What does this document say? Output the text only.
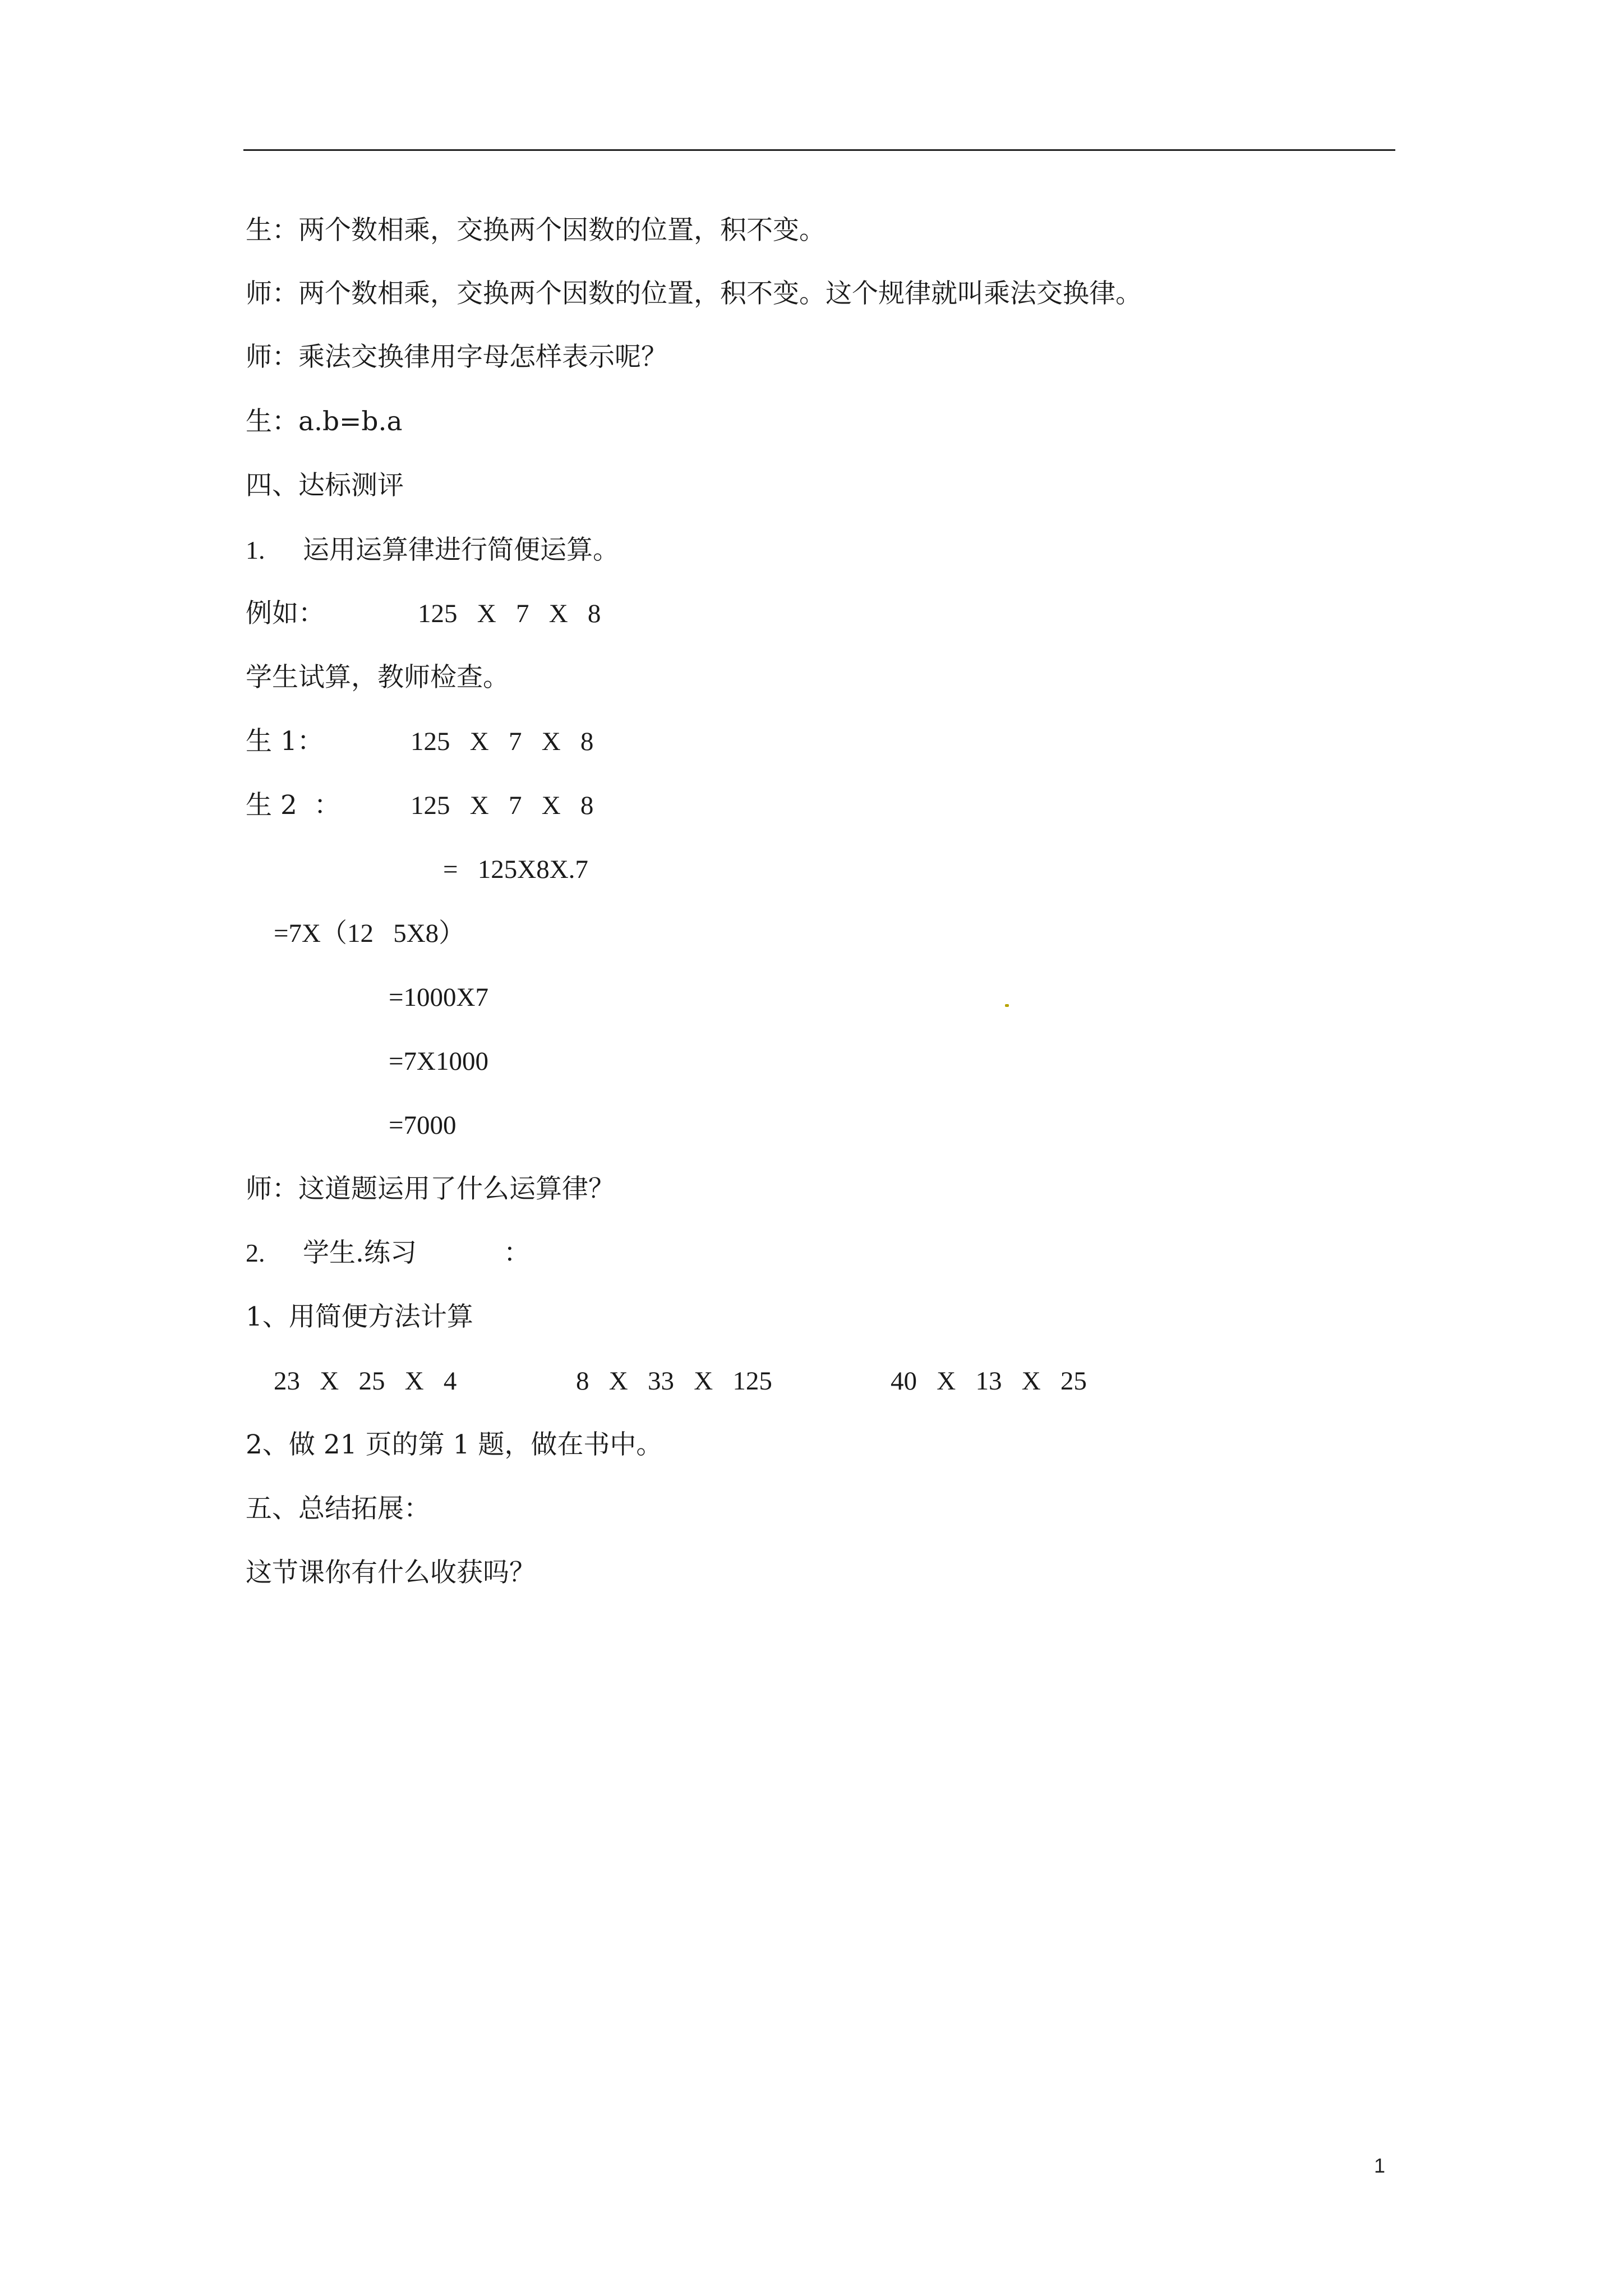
生：两个数相乘，交换两个因数的位置，积不变。
师：两个数相乘，交换两个因数的位置，积不变。这个规律就叫乘法交换律。
师：乘法交换律用字母怎样表示呢？
生：a.b=b.a
四、达标测评
1. 运用运算律进行简便运算。
例如：	125   X   7   X   8
学生试算，教师检查。
生 1：	125   X   7   X   8
生 2  ：	125   X   7   X   8
=   125X8X.7
=7X（12   5X8）
=1000X7
=7X1000
=7000
师：这道题运用了什么运算律？
2. 学生.练习	：
1、用简便方法计算
23   X   25   X   4	8   X   33   X   125	40   X   13   X   25
2、做 21 页的第 1 题，做在书中。
五、总结拓展：
这节课你有什么收获吗？
1
